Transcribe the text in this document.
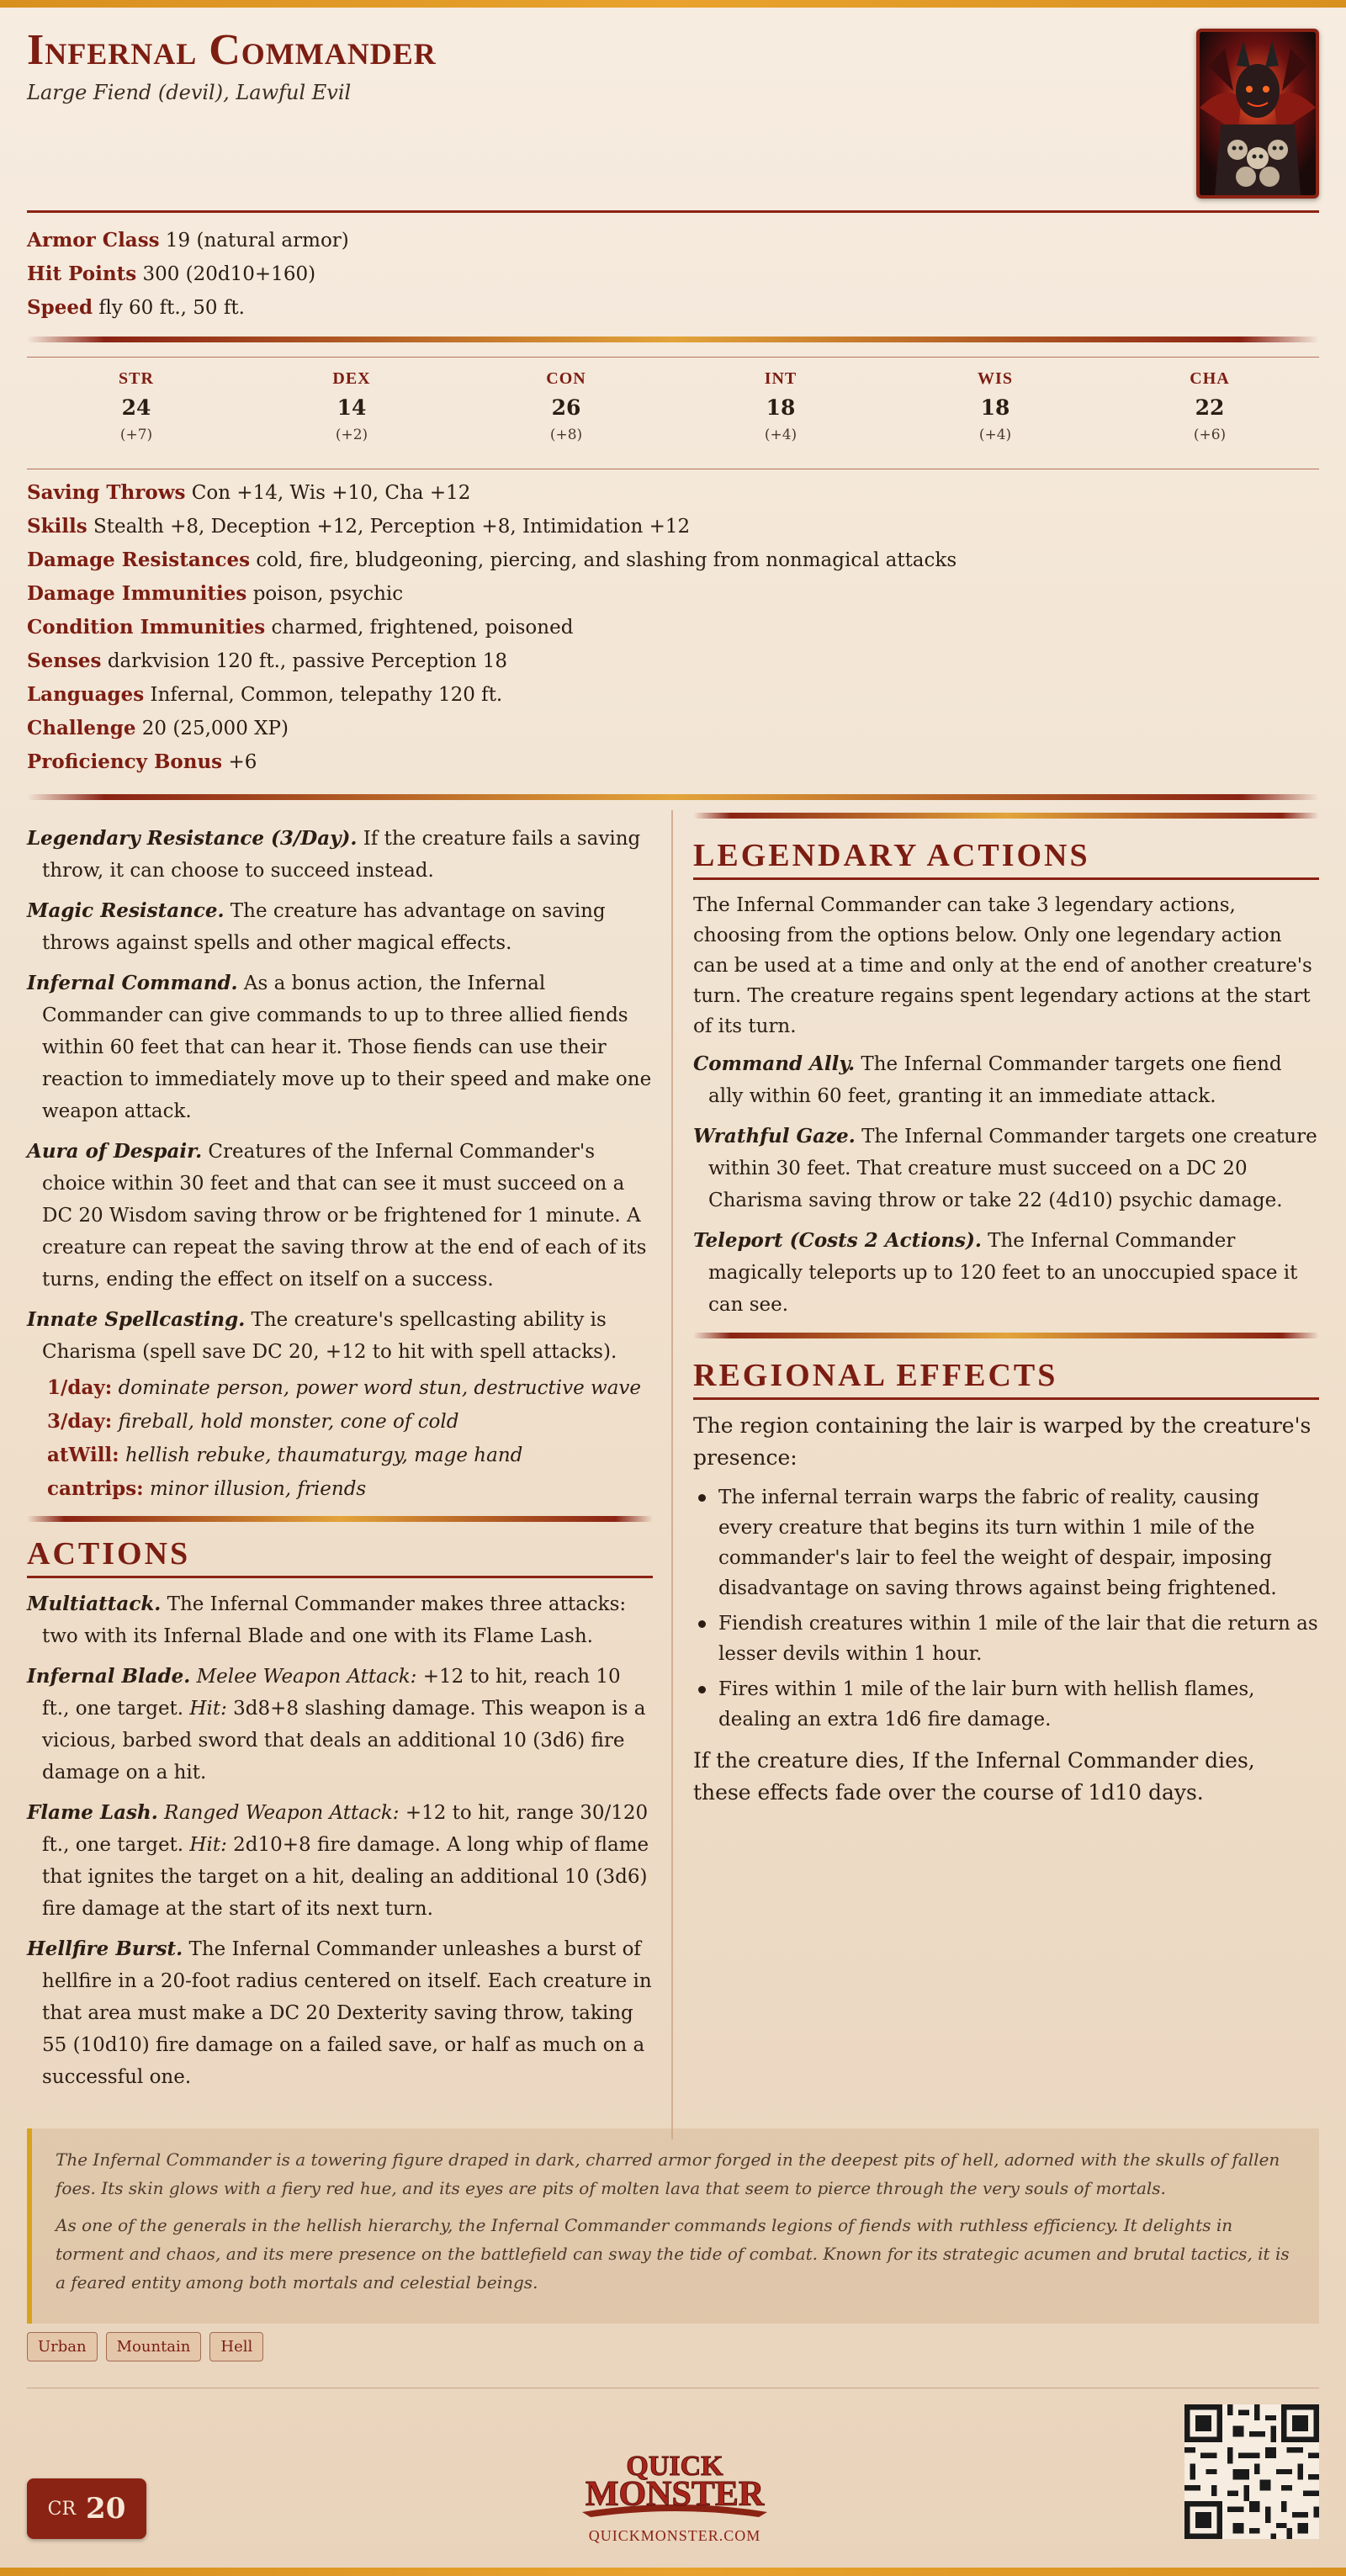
Infernal Commander
Large Fiend (devil), Lawful Evil
Armor Class 19 (natural armor)
Hit Points 300 (20d10+160)
Speed fly 60 ft., 50 ft.
STR
24
(+7)
DEX
14
(+2)
CON
26
(+8)
INT
18
(+4)
WIS
18
(+4)
CHA
22
(+6)
Saving Throws Con +14, Wis +10, Cha +12
Skills Stealth +8, Deception +12, Perception +8, Intimidation +12
Damage Resistances cold, fire, bludgeoning, piercing, and slashing from nonmagical attacks
Damage Immunities poison, psychic
Condition Immunities charmed, frightened, poisoned
Senses darkvision 120 ft., passive Perception 18
Languages Infernal, Common, telepathy 120 ft.
Challenge 20 (25,000 XP)
Proficiency Bonus +6
Legendary Resistance (3/Day). If the creature fails a saving throw, it can choose to succeed instead.
Magic Resistance. The creature has advantage on saving throws against spells and other magical effects.
Infernal Command. As a bonus action, the Infernal Commander can give commands to up to three allied fiends within 60 feet that can hear it. Those fiends can use their reaction to immediately move up to their speed and make one weapon attack.
Aura of Despair. Creatures of the Infernal Commander's choice within 30 feet and that can see it must succeed on a DC 20 Wisdom saving throw or be frightened for 1 minute. A creature can repeat the saving throw at the end of each of its turns, ending the effect on itself on a success.
Innate Spellcasting. The creature's spellcasting ability is Charisma (spell save DC 20, +12 to hit with spell attacks).
1/day: dominate person, power word stun, destructive wave
3/day: fireball, hold monster, cone of cold
atWill: hellish rebuke, thaumaturgy, mage hand
cantrips: minor illusion, friends
ACTIONS
Multiattack. The Infernal Commander makes three attacks: two with its Infernal Blade and one with its Flame Lash.
Infernal Blade. Melee Weapon Attack: +12 to hit, reach 10 ft., one target. Hit: 3d8+8 slashing damage. This weapon is a vicious, barbed sword that deals an additional 10 (3d6) fire damage on a hit.
Flame Lash. Ranged Weapon Attack: +12 to hit, range 30/120 ft., one target. Hit: 2d10+8 fire damage. A long whip of flame that ignites the target on a hit, dealing an additional 10 (3d6) fire damage at the start of its next turn.
Hellfire Burst. The Infernal Commander unleashes a burst of hellfire in a 20-foot radius centered on itself. Each creature in that area must make a DC 20 Dexterity saving throw, taking 55 (10d10) fire damage on a failed save, or half as much on a successful one.
LEGENDARY ACTIONS
The Infernal Commander can take 3 legendary actions, choosing from the options below. Only one legendary action can be used at a time and only at the end of another creature's turn. The creature regains spent legendary actions at the start of its turn.
Command Ally. The Infernal Commander targets one fiend ally within 60 feet, granting it an immediate attack.
Wrathful Gaze. The Infernal Commander targets one creature within 30 feet. That creature must succeed on a DC 20 Charisma saving throw or take 22 (4d10) psychic damage.
Teleport (Costs 2 Actions). The Infernal Commander magically teleports up to 120 feet to an unoccupied space it can see.
REGIONAL EFFECTS
The region containing the lair is warped by the creature's presence:
The infernal terrain warps the fabric of reality, causing every creature that begins its turn within 1 mile of the commander's lair to feel the weight of despair, imposing disadvantage on saving throws against being frightened.
Fiendish creatures within 1 mile of the lair that die return as lesser devils within 1 hour.
Fires within 1 mile of the lair burn with hellish flames, dealing an extra 1d6 fire damage.
If the creature dies, If the Infernal Commander dies, these effects fade over the course of 1d10 days.

The Infernal Commander is a towering figure draped in dark, charred armor forged in the deepest pits of hell, adorned with the skulls of fallen foes. Its skin glows with a fiery red hue, and its eyes are pits of molten lava that seem to pierce through the very souls of mortals.

As one of the generals in the hellish hierarchy, the Infernal Commander commands legions of fiends with ruthless efficiency. It delights in torment and chaos, and its mere presence on the battlefield can sway the tide of combat. Known for its strategic acumen and brutal tactics, it is a feared entity among both mortals and celestial beings.

Urban	Mountain	Hell
CR 20
QUICK
MONSTER
QUICKMONSTER.COM
